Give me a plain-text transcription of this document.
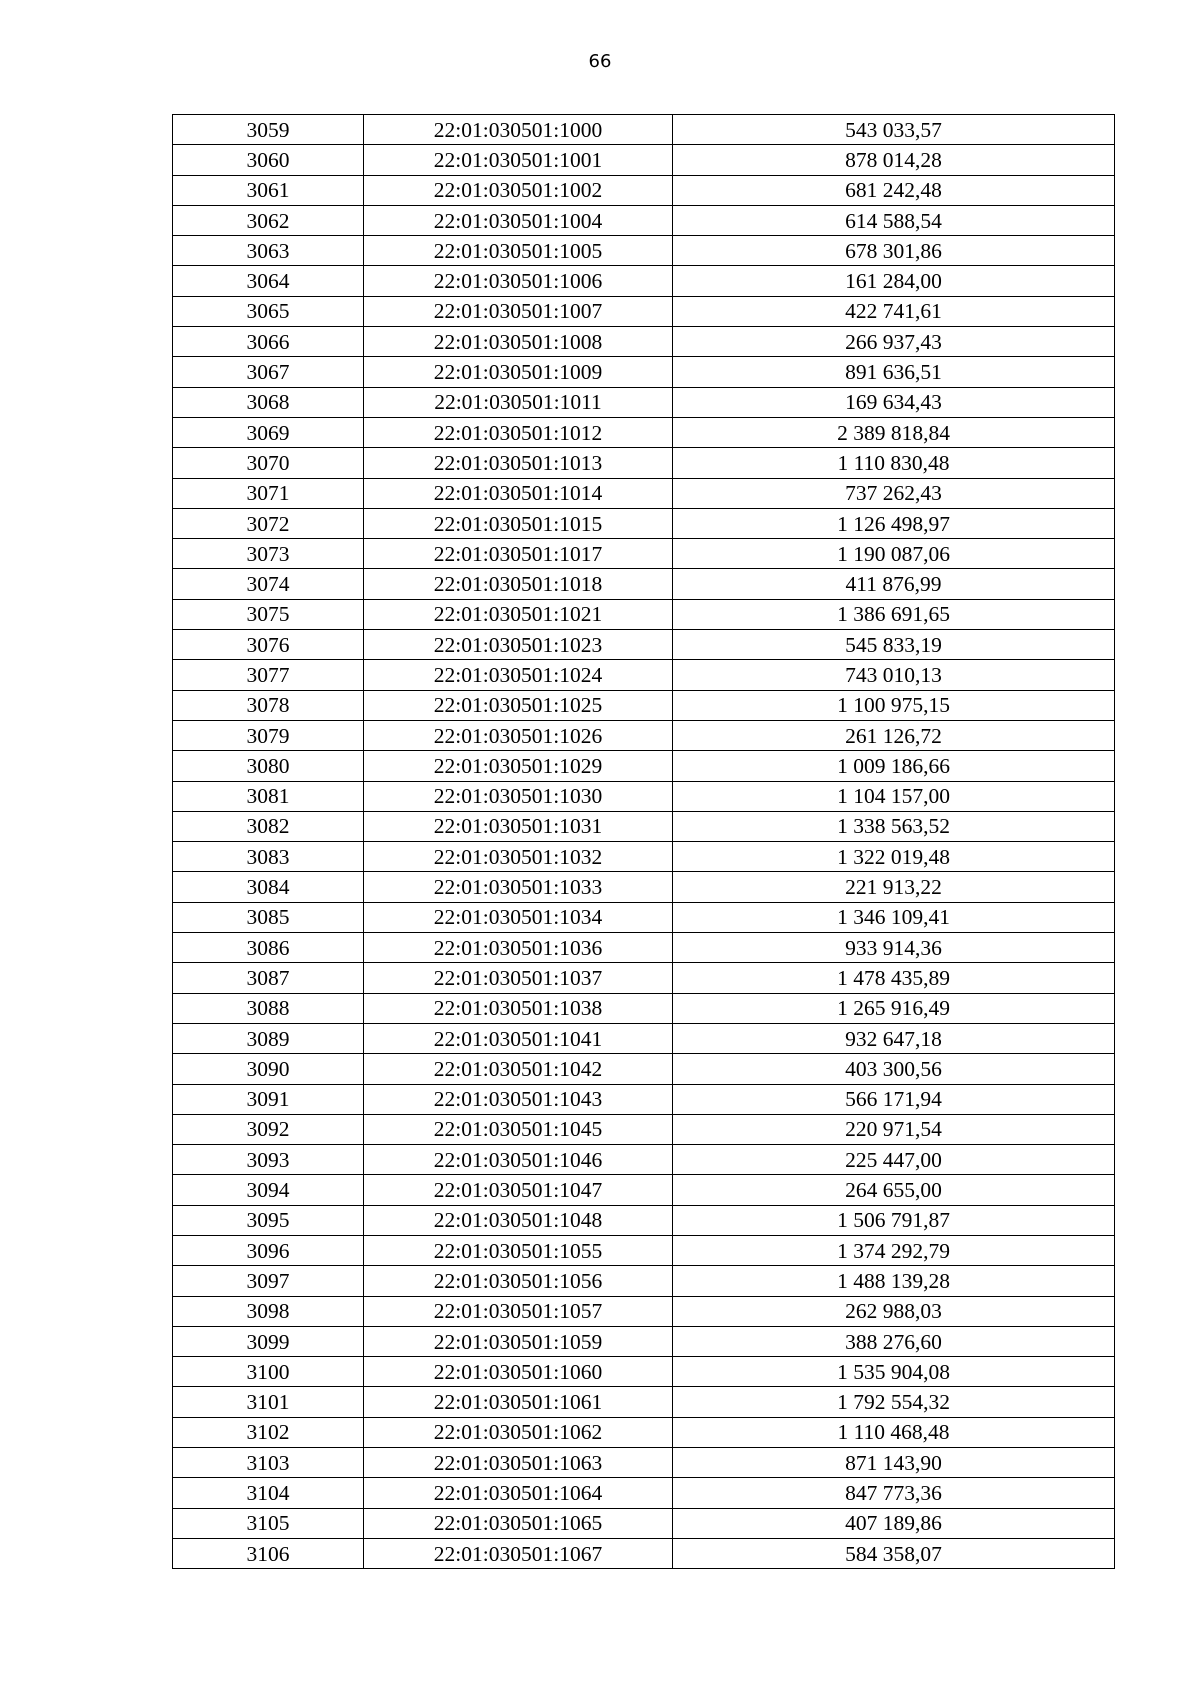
66
3059	22:01:030501:1000	543 033,57
3060	22:01:030501:1001	878 014,28
3061	22:01:030501:1002	681 242,48
3062	22:01:030501:1004	614 588,54
3063	22:01:030501:1005	678 301,86
3064	22:01:030501:1006	161 284,00
3065	22:01:030501:1007	422 741,61
3066	22:01:030501:1008	266 937,43
3067	22:01:030501:1009	891 636,51
3068	22:01:030501:1011	169 634,43
3069	22:01:030501:1012	2 389 818,84
3070	22:01:030501:1013	1 110 830,48
3071	22:01:030501:1014	737 262,43
3072	22:01:030501:1015	1 126 498,97
3073	22:01:030501:1017	1 190 087,06
3074	22:01:030501:1018	411 876,99
3075	22:01:030501:1021	1 386 691,65
3076	22:01:030501:1023	545 833,19
3077	22:01:030501:1024	743 010,13
3078	22:01:030501:1025	1 100 975,15
3079	22:01:030501:1026	261 126,72
3080	22:01:030501:1029	1 009 186,66
3081	22:01:030501:1030	1 104 157,00
3082	22:01:030501:1031	1 338 563,52
3083	22:01:030501:1032	1 322 019,48
3084	22:01:030501:1033	221 913,22
3085	22:01:030501:1034	1 346 109,41
3086	22:01:030501:1036	933 914,36
3087	22:01:030501:1037	1 478 435,89
3088	22:01:030501:1038	1 265 916,49
3089	22:01:030501:1041	932 647,18
3090	22:01:030501:1042	403 300,56
3091	22:01:030501:1043	566 171,94
3092	22:01:030501:1045	220 971,54
3093	22:01:030501:1046	225 447,00
3094	22:01:030501:1047	264 655,00
3095	22:01:030501:1048	1 506 791,87
3096	22:01:030501:1055	1 374 292,79
3097	22:01:030501:1056	1 488 139,28
3098	22:01:030501:1057	262 988,03
3099	22:01:030501:1059	388 276,60
3100	22:01:030501:1060	1 535 904,08
3101	22:01:030501:1061	1 792 554,32
3102	22:01:030501:1062	1 110 468,48
3103	22:01:030501:1063	871 143,90
3104	22:01:030501:1064	847 773,36
3105	22:01:030501:1065	407 189,86
3106	22:01:030501:1067	584 358,07
